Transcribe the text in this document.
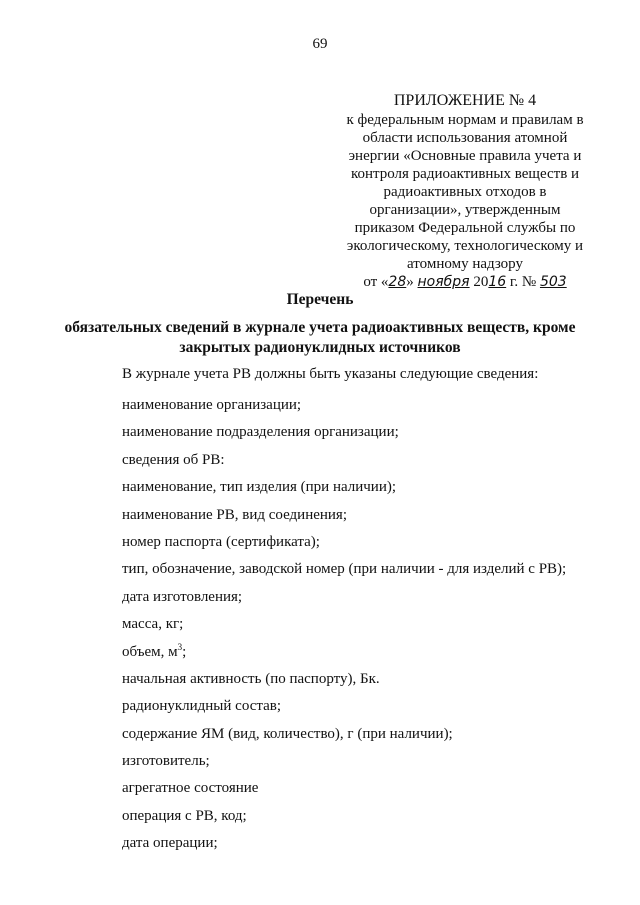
69
ПРИЛОЖЕНИЕ № 4
к федеральным нормам и правилам в
области использования атомной
энергии «Основные правила учета и
контроля радиоактивных веществ и
радиоактивных отходов в
организации», утвержденным
приказом Федеральной службы по
экологическому, технологическому и
атомному надзору
от «28» ноября 2016 г. № 503
Перечень
обязательных сведений в журнале учета радиоактивных веществ, кроме
закрытых радионуклидных источников
В журнале учета РВ должны быть указаны следующие сведения:
наименование организации;
наименование подразделения организации;
сведения об РВ:
наименование, тип изделия (при наличии);
наименование РВ, вид соединения;
номер паспорта (сертификата);
тип, обозначение, заводской номер (при наличии - для изделий с РВ);
дата изготовления;
масса, кг;
объем, $м^3$;
начальная активность (по паспорту), Бк.
радионуклидный состав;
содержание ЯМ (вид, количество), г (при наличии);
изготовитель;
агрегатное состояние
операция с РВ, код;
дата операции;
